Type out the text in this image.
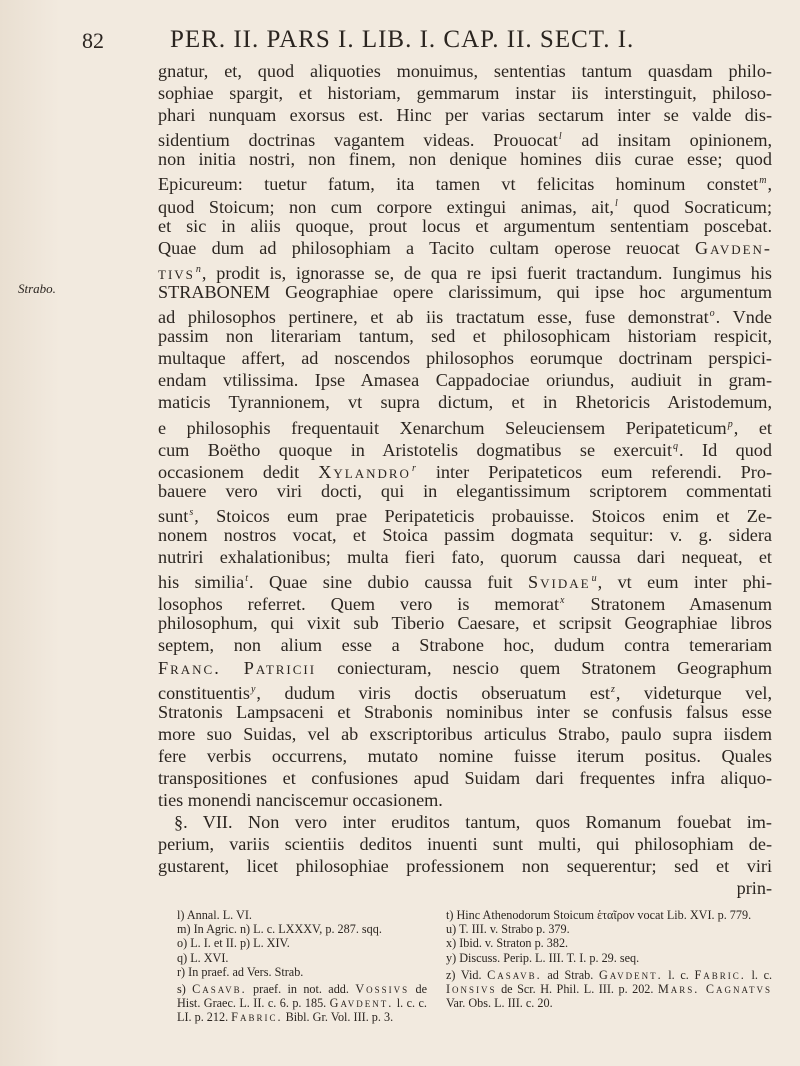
82	PER. II. PARS I. LIB. I. CAP. II. SECT. I.
Strabo.
gnatur, et, quod aliquoties monuimus, sententias tantum quasdam philo-
sophiae spargit, et historiam, gemmarum instar iis interstinguit, philoso-
phari nunquam exorsus est. Hinc per varias sectarum inter se valde dis-
sidentium doctrinas vagantem videas. Prouocat$^l$ ad insitam opinionem,
non initia nostri, non finem, non denique homines diis curae esse; quod
Epicureum: tuetur fatum, ita tamen vt felicitas hominum constet$^m$,
quod Stoicum; non cum corpore extingui animas, ait,$^l$ quod Socraticum;
et sic in aliis quoque, prout locus et argumentum sententiam poscebat.
Quae dum ad philosophiam a Tacito cultam operose reuocat Gavden-
tivs$^n$, prodit is, ignorasse se, de qua re ipsi fuerit tractandum. Iungimus his
STRABONEM Geographiae opere clarissimum, qui ipse hoc argumentum
ad philosophos pertinere, et ab iis tractatum esse, fuse demonstrat$^o$. Vnde
passim non literariam tantum, sed et philosophicam historiam respicit,
multaque affert, ad noscendos philosophos eorumque doctrinam perspici-
endam vtilissima. Ipse Amasea Cappadociae oriundus, audiuit in gram-
maticis Tyrannionem, vt supra dictum, et in Rhetoricis Aristodemum,
e philosophis frequentauit Xenarchum Seleuciensem Peripateticum$^p$, et
cum Boëtho quoque in Aristotelis dogmatibus se exercuit$^q$. Id quod
occasionem dedit Xylandro$^r$ inter Peripateticos eum referendi. Pro-
bauere vero viri docti, qui in elegantissimum scriptorem commentati
sunt$^s$, Stoicos eum prae Peripateticis probauisse. Stoicos enim et Ze-
nonem nostros vocat, et Stoica passim dogmata sequitur: v. g. sidera
nutriri exhalationibus; multa fieri fato, quorum caussa dari nequeat, et
his similia$^t$. Quae sine dubio caussa fuit Svidae$^u$, vt eum inter phi-
losophos referret. Quem vero is memorat$^x$ Stratonem Amasenum
philosophum, qui vixit sub Tiberio Caesare, et scripsit Geographiae libros
septem, non alium esse a Strabone hoc, dudum contra temerariam
Franc. Patricii coniecturam, nescio quem Stratonem Geographum
constituentis$^y$, dudum viris doctis obseruatum est$^z$, videturque vel,
Stratonis Lampsaceni et Strabonis nominibus inter se confusis falsus esse
more suo Suidas, vel ab exscriptoribus articulus Strabo, paulo supra iisdem
fere verbis occurrens, mutato nomine fuisse iterum positus. Quales
transpositiones et confusiones apud Suidam dari frequentes infra aliquo-
ties monendi nanciscemur occasionem.
§. VII. Non vero inter eruditos tantum, quos Romanum fouebat im-
perium, variis scientiis deditos inuenti sunt multi, qui philosophiam de-
gustarent, licet philosophiae professionem non sequerentur; sed et viri
prin-
l) Annal. L. VI.
m) In Agric. n) L. c. LXXXV, p. 287. sqq.
o) L. I. et II. p) L. XIV.
q) L. XVI.
r) In praef. ad Vers. Strab.
s) Casavb. praef. in not. add. Vossivs de Hist. Graec. L. II. c. 6. p. 185. Gavdent. l. c. c. LI. p. 212. Fabric. Bibl. Gr. Vol. III. p. 3.
t) Hinc Athenodorum Stoicum ἑταῖρον vocat Lib. XVI. p. 779.
u) T. III. v. Strabo p. 379.
x) Ibid. v. Straton p. 382.
y) Discuss. Perip. L. III. T. I. p. 29. seq.
z) Vid. Casavb. ad Strab. Gavdent. l. c. Fabric. l. c. Ionsivs de Scr. H. Phil. L. III. p. 202. Mars. Cagnatvs Var. Obs. L. III. c. 20.
